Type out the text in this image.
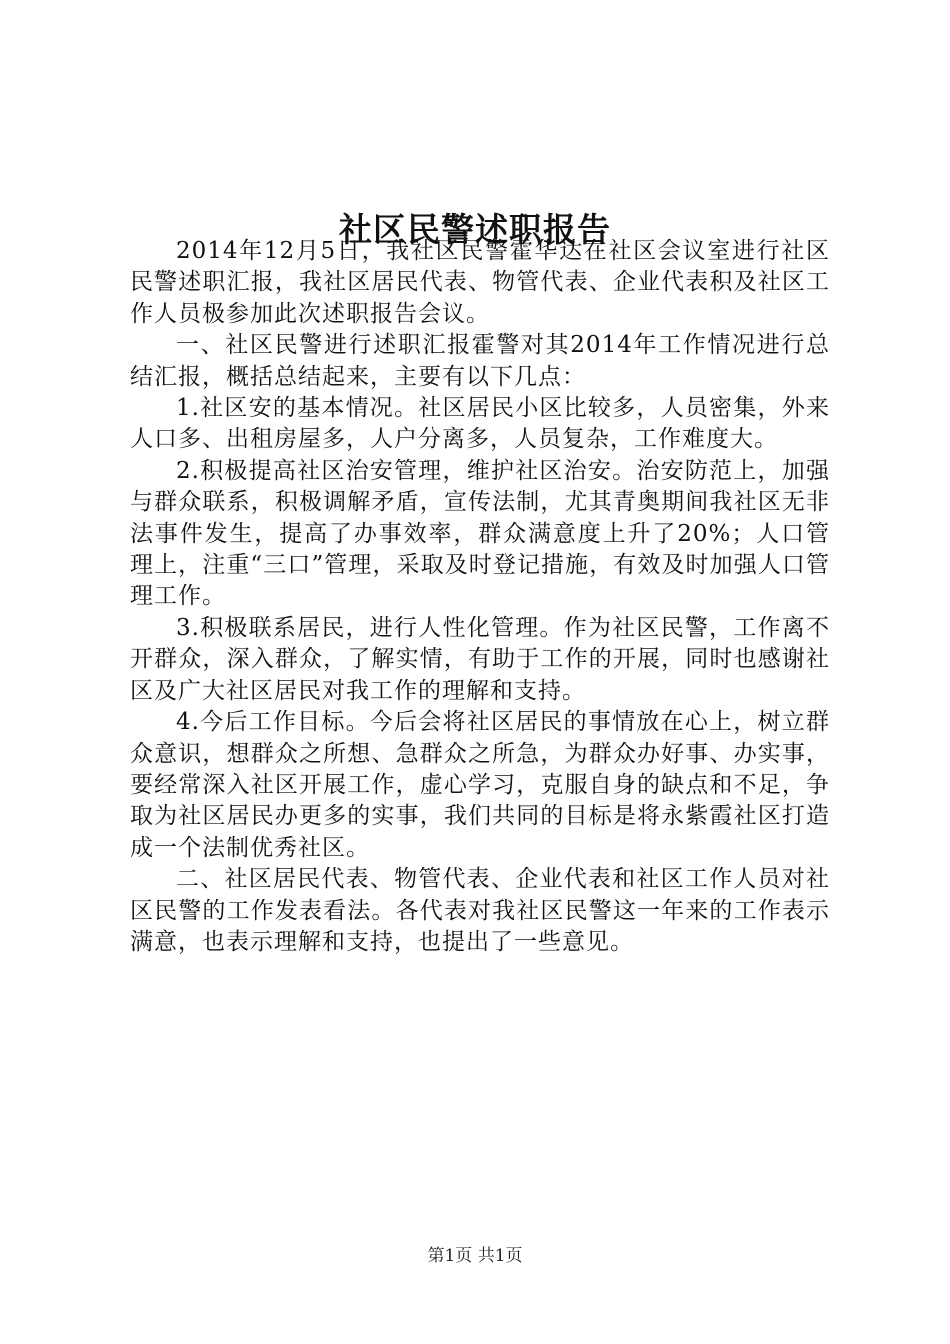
社区民警述职报告

2014年12月5日，我社区民警霍华达在社区会议室进行社区民警述职汇报，我社区居民代表、物管代表、企业代表积及社区工作人员极参加此次述职报告会议。

一、社区民警进行述职汇报霍警对其2014年工作情况进行总结汇报，概括总结起来，主要有以下几点：

1.社区安的基本情况。社区居民小区比较多，人员密集，外来人口多、出租房屋多，人户分离多，人员复杂，工作难度大。

2.积极提高社区治安管理，维护社区治安。治安防范上，加强与群众联系，积极调解矛盾，宣传法制，尤其青奥期间我社区无非法事件发生，提高了办事效率，群众满意度上升了20%；人口管理上，注重“三口”管理，采取及时登记措施，有效及时加强人口管理工作。

3.积极联系居民，进行人性化管理。作为社区民警，工作离不开群众，深入群众，了解实情，有助于工作的开展，同时也感谢社区及广大社区居民对我工作的理解和支持。

4.今后工作目标。今后会将社区居民的事情放在心上，树立群众意识，想群众之所想、急群众之所急，为群众办好事、办实事，要经常深入社区开展工作，虚心学习，克服自身的缺点和不足，争取为社区居民办更多的实事，我们共同的目标是将永紫霞社区打造成一个法制优秀社区。

二、社区居民代表、物管代表、企业代表和社区工作人员对社区民警的工作发表看法。各代表对我社区民警这一年来的工作表示满意，也表示理解和支持，也提出了一些意见。

第1页 共1页
